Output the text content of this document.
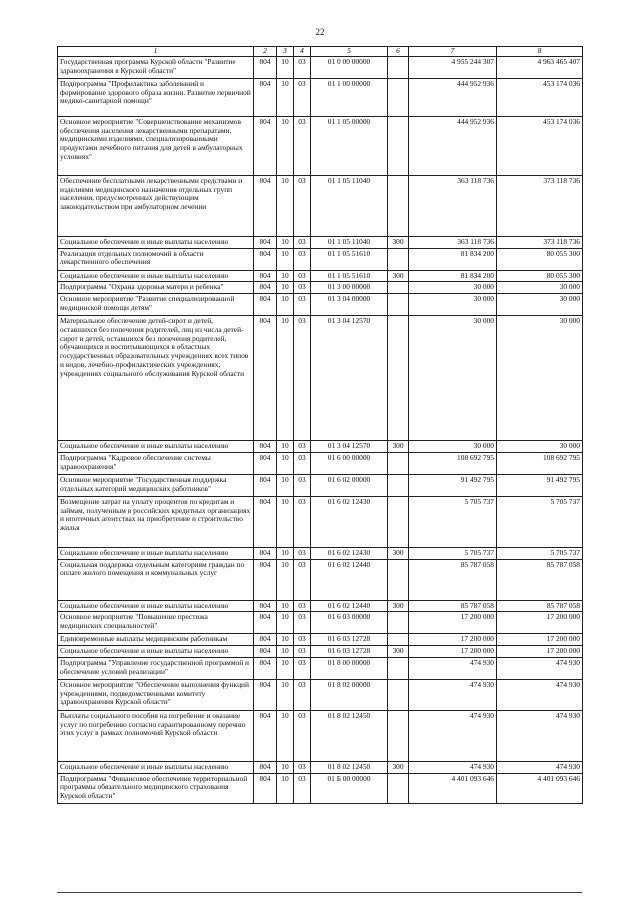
22
1	2	3	4	5	6	7	8
Государственная программа Курской области "Развитие здравоохранения в Курской области"	804	10	03	01 0 00 00000		4 955 244 307	4 963 465 407
Подпрограмма "Профилактика заболеваний и формирование здорового образа жизни. Развитие первичной медико-санитарной помощи"	804	10	03	01 1 00 00000		444 952 936	453 174 036
Основное мероприятие "Совершенствование механизмов обеспечения населения лекарственными препаратами, медицинскими изделиями, специализированными продуктами лечебного питания для детей в амбулаторных условиях"	804	10	03	01 1 05 00000		444 952 936	453 174 036
Обеспечение бесплатными лекарственными средствами и изделиями медицинского назначения отдельных групп населения, предусмотренных действующим законодательством при амбулаторном лечении	804	10	03	01 1 05 11040		363 118 736	373 118 736
Социальное обеспечение и иные выплаты населению	804	10	03	01 1 05 11040	300	363 118 736	373 118 736
Реализация отдельных полномочий в области лекарственного обеспечения	804	10	03	01 1 05 51610		81 834 200	80 055 300
Социальное обеспечение и иные выплаты населению	804	10	03	01 1 05 51610	300	81 834 200	80 055 300
Подпрограмма "Охрана здоровья матери и ребенка"	804	10	03	01 3 00 00000		30 000	30 000
Основное мероприятие "Развитие специализированной медицинской помощи детям"	804	10	03	01 3 04 00000		30 000	30 000
Материальное обеспечение детей-сирот и детей, оставшихся без попечения родителей, лиц из числа детей-сирот и детей, оставшихся без попечения родителей, обучающихся и воспитывающихся в областных государственных образовательных учреждениях всех типов и видов, лечебно-профилактических учреждениях, учреждениях социального обслуживания Курской области	804	10	03	01 3 04 12570		30 000	30 000
Социальное обеспечение и иные выплаты населению	804	10	03	01 3 04 12570	300	30 000	30 000
Подпрограмма "Кадровое обеспечение системы здравоохранения"	804	10	03	01 6 00 00000		108 692 795	108 692 795
Основное мероприятие "Государственная поддержка отдельных категорий медицинских работников"	804	10	03	01 6 02 00000		91 492 795	91 492 795
Возмещение затрат на уплату процентов по кредитам и займам, полученным в российских кредитных организациях и ипотечных агентствах на приобретение и строительство жилья	804	10	03	01 6 02 12430		5 705 737	5 705 737
Социальное обеспечение и иные выплаты населению	804	10	03	01 6 02 12430	300	5 705 737	5 705 737
Социальная поддержка отдельным категориям граждан по оплате жилого помещения и коммунальных услуг	804	10	03	01 6 02 12440		85 787 058	85 787 058
Социальное обеспечение и иные выплаты населению	804	10	03	01 6 02 12440	300	85 787 058	85 787 058
Основное мероприятие "Повышение престижа медицинских специальностей"	804	10	03	01 6 03 00000		17 200 000	17 200 000
Единовременные выплаты медицинским работникам	804	10	03	01 6 03 12728		17 200 000	17 200 000
Социальное обеспечение и иные выплаты населению	804	10	03	01 6 03 12728	300	17 200 000	17 200 000
Подпрограмма "Управление государственной программой и обеспечение условий реализации"	804	10	03	01 8 00 00000		474 930	474 930
Основное мероприятие "Обеспечение выполнения функций учреждениями, подведомственными комитету здравоохранения Курской области"	804	10	03	01 8 02 00000		474 930	474 930
Выплаты социального пособия на погребение и оказание услуг по погребению согласно гарантированному перечню этих услуг в рамках полномочий Курской области	804	10	03	01 8 02 12450		474 930	474 930
Социальное обеспечение и иные выплаты населению	804	10	03	01 8 02 12450	300	474 930	474 930
Подпрограмма "Финансовое обеспечение территориальной программы обязательного медицинского страхования Курской области"	804	10	03	01 Б 00 00000		4 401 093 646	4 401 093 646
